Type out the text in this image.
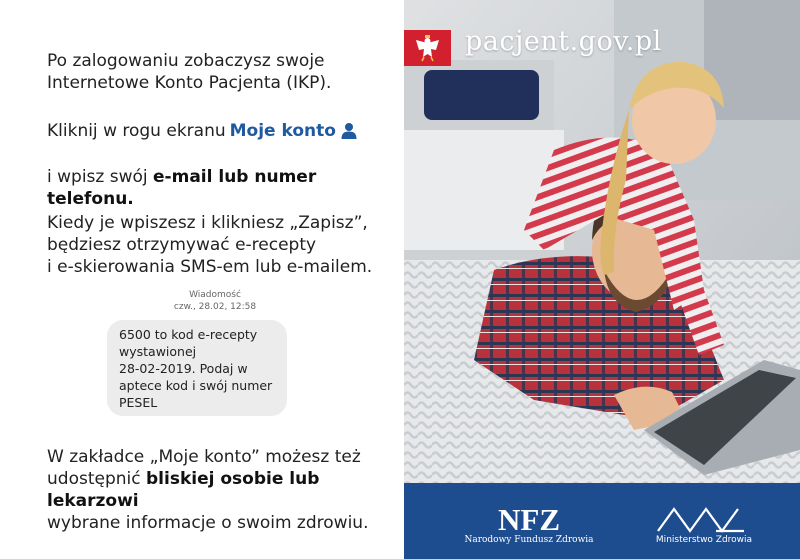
Po zalogowaniu zobaczysz swoje
Internetowe Konto Pacjenta (IKP).

Kliknij w rogu ekranu Moje konto

i wpisz swój e-mail lub numer telefonu.

Kiedy je wpiszesz i klikniesz „Zapisz”,
będziesz otrzymywać e-recepty
i e-skierowania SMS-em lub e-mailem.

Wiadomość
czw., 28.02, 12:58
6500 to kod e-recepty
wystawionej
28-02-2019. Podaj w
aptece kod i swój numer
PESEL

W zakładce „Moje konto” możesz też
udostępnić bliskiej osobie lub lekarzowi
wybrane informacje o swoim zdrowiu.

pacjent.gov.pl
NFZ
Narodowy Fundusz Zdrowia	Ministerstwo Zdrowia
